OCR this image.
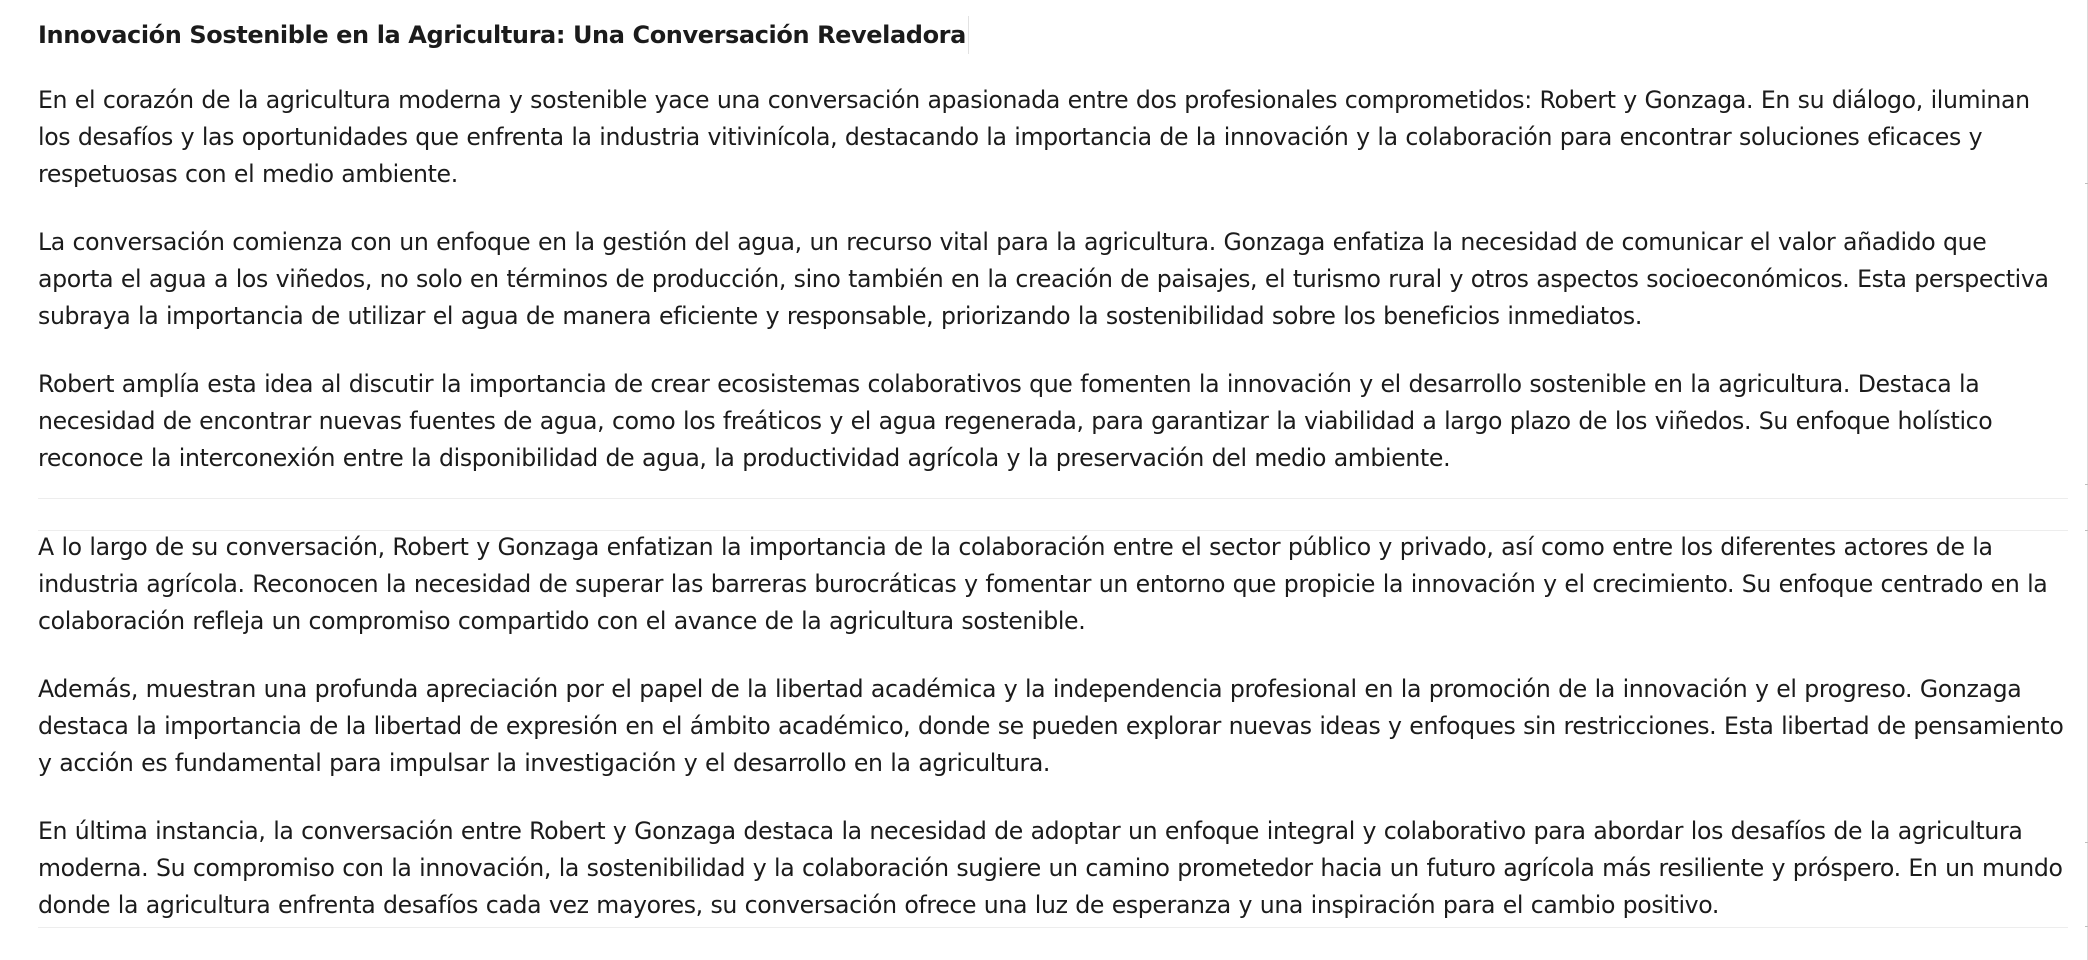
Innovación Sostenible en la Agricultura: Una Conversación Reveladora

En el corazón de la agricultura moderna y sostenible yace una conversación apasionada entre dos profesionales comprometidos: Robert y Gonzaga. En su diálogo, iluminan los desafíos y las oportunidades que enfrenta la industria vitivinícola, destacando la importancia de la innovación y la colaboración para encontrar soluciones eficaces y respetuosas con el medio ambiente.

La conversación comienza con un enfoque en la gestión del agua, un recurso vital para la agricultura. Gonzaga enfatiza la necesidad de comunicar el valor añadido que aporta el agua a los viñedos, no solo en términos de producción, sino también en la creación de paisajes, el turismo rural y otros aspectos socioeconómicos. Esta perspectiva subraya la importancia de utilizar el agua de manera eficiente y responsable, priorizando la sostenibilidad sobre los beneficios inmediatos.

Robert amplía esta idea al discutir la importancia de crear ecosistemas colaborativos que fomenten la innovación y el desarrollo sostenible en la agricultura. Destaca la necesidad de encontrar nuevas fuentes de agua, como los freáticos y el agua regenerada, para garantizar la viabilidad a largo plazo de los viñedos. Su enfoque holístico reconoce la interconexión entre la disponibilidad de agua, la productividad agrícola y la preservación del medio ambiente.

A lo largo de su conversación, Robert y Gonzaga enfatizan la importancia de la colaboración entre el sector público y privado, así como entre los diferentes actores de la industria agrícola. Reconocen la necesidad de superar las barreras burocráticas y fomentar un entorno que propicie la innovación y el crecimiento. Su enfoque centrado en la colaboración refleja un compromiso compartido con el avance de la agricultura sostenible.

Además, muestran una profunda apreciación por el papel de la libertad académica y la independencia profesional en la promoción de la innovación y el progreso. Gonzaga destaca la importancia de la libertad de expresión en el ámbito académico, donde se pueden explorar nuevas ideas y enfoques sin restricciones. Esta libertad de pensamiento y acción es fundamental para impulsar la investigación y el desarrollo en la agricultura.

En última instancia, la conversación entre Robert y Gonzaga destaca la necesidad de adoptar un enfoque integral y colaborativo para abordar los desafíos de la agricultura moderna. Su compromiso con la innovación, la sostenibilidad y la colaboración sugiere un camino prometedor hacia un futuro agrícola más resiliente y próspero. En un mundo donde la agricultura enfrenta desafíos cada vez mayores, su conversación ofrece una luz de esperanza y una inspiración para el cambio positivo.
